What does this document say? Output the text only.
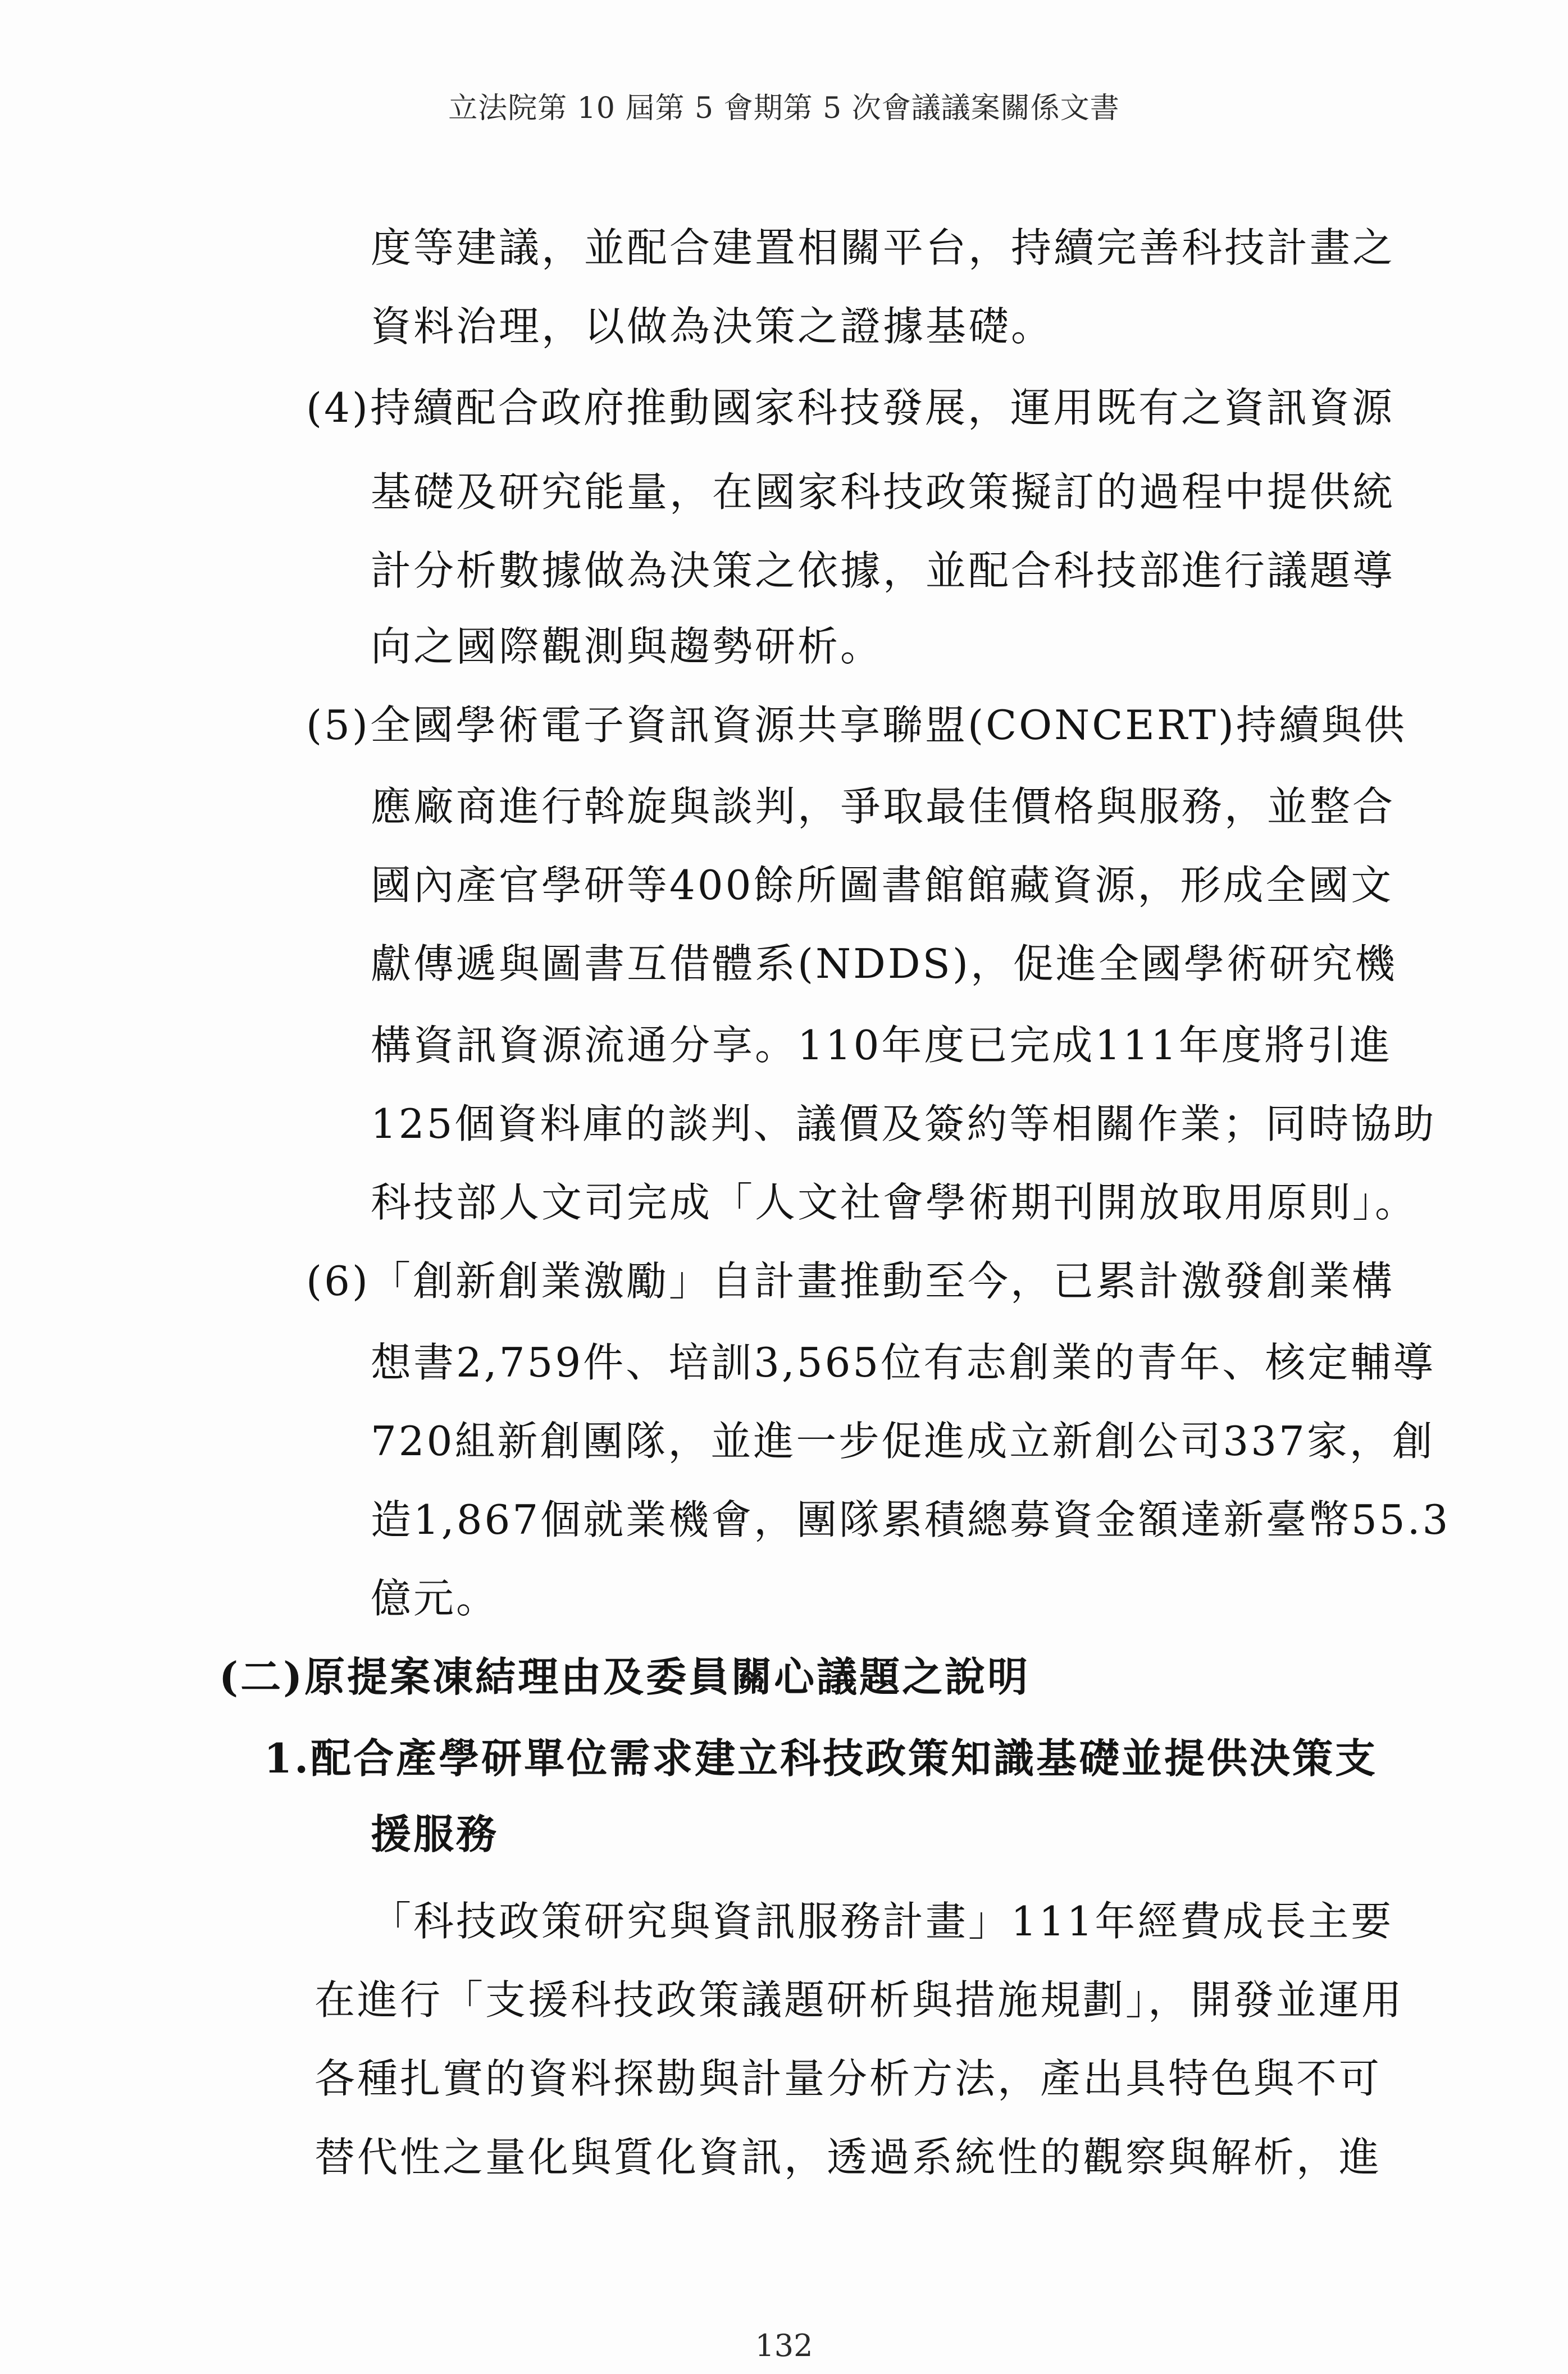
立法院第 10 屆第 5 會期第 5 次會議議案關係文書
度等建議，並配合建置相關平台，持續完善科技計畫之
資料治理，以做為決策之證據基礎。
(4)持續配合政府推動國家科技發展，運用既有之資訊資源
基礎及研究能量，在國家科技政策擬訂的過程中提供統
計分析數據做為決策之依據，並配合科技部進行議題導
向之國際觀測與趨勢研析。
(5)全國學術電子資訊資源共享聯盟(CONCERT)持續與供
應廠商進行斡旋與談判，爭取最佳價格與服務，並整合
國內產官學研等400餘所圖書館館藏資源，形成全國文
獻傳遞與圖書互借體系(NDDS)，促進全國學術研究機
構資訊資源流通分享。110年度已完成111年度將引進
125個資料庫的談判、議價及簽約等相關作業；同時協助
科技部人文司完成「人文社會學術期刊開放取用原則」。
(6)「創新創業激勵」自計畫推動至今，已累計激發創業構
想書2,759件、培訓3,565位有志創業的青年、核定輔導
720組新創團隊，並進一步促進成立新創公司337家，創
造1,867個就業機會，團隊累積總募資金額達新臺幣55.3
億元。
(二)原提案凍結理由及委員關心議題之說明
1.配合產學研單位需求建立科技政策知識基礎並提供決策支
援服務
「科技政策研究與資訊服務計畫」111年經費成長主要
在進行「支援科技政策議題研析與措施規劃」，開發並運用
各種扎實的資料探勘與計量分析方法，產出具特色與不可
替代性之量化與質化資訊，透過系統性的觀察與解析，進
132
